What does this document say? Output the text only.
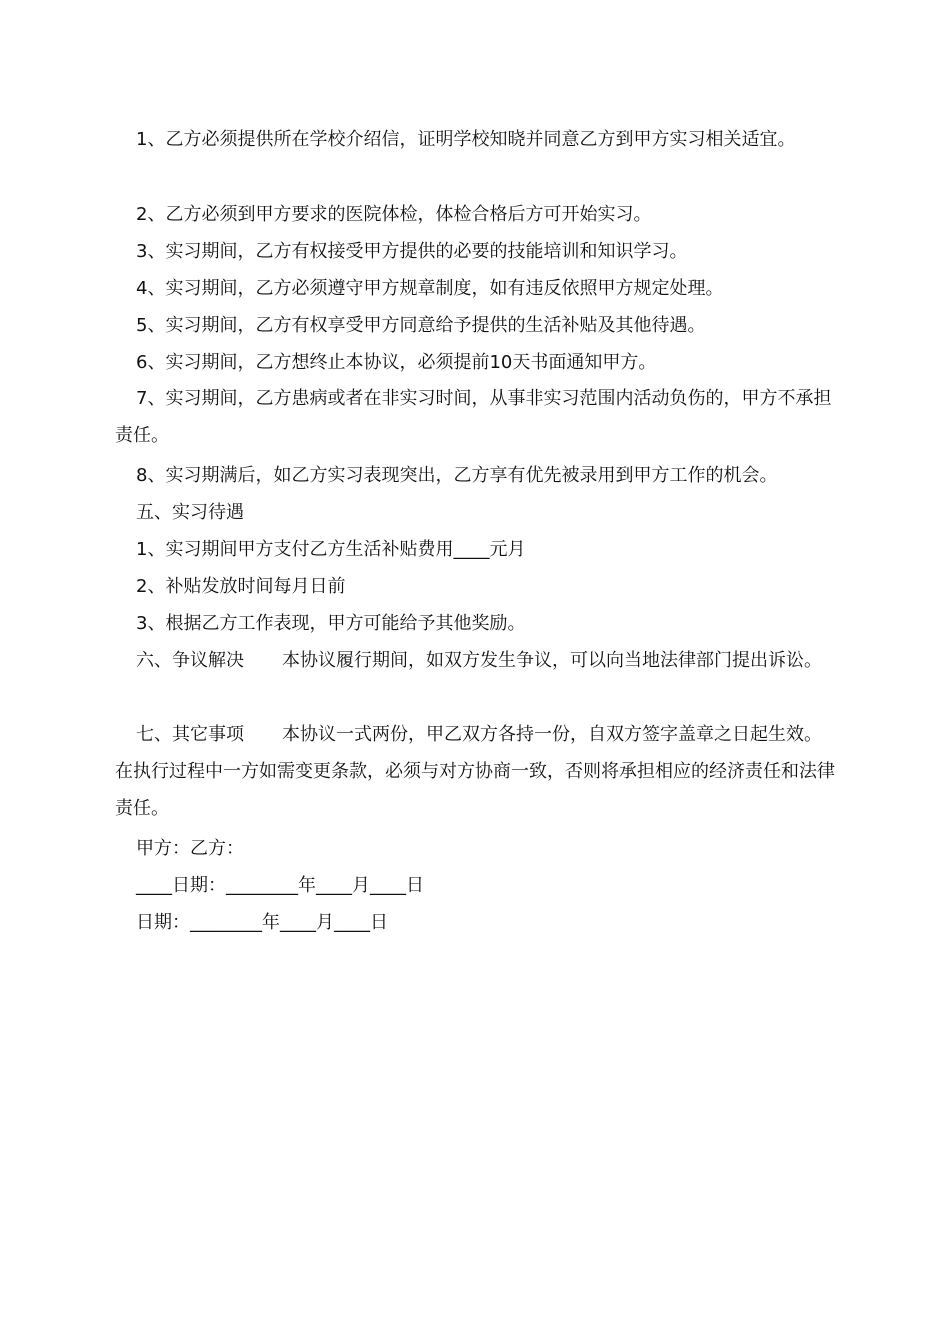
1、乙方必须提供所在学校介绍信，证明学校知晓并同意乙方到甲方实习相关适宜。
2、乙方必须到甲方要求的医院体检，体检合格后方可开始实习。
3、实习期间，乙方有权接受甲方提供的必要的技能培训和知识学习。
4、实习期间，乙方必须遵守甲方规章制度，如有违反依照甲方规定处理。
5、实习期间，乙方有权享受甲方同意给予提供的生活补贴及其他待遇。
6、实习期间，乙方想终止本协议，必须提前10天书面通知甲方。
7、实习期间，乙方患病或者在非实习时间，从事非实习范围内活动负伤的，甲方不承担责任。
8、实习期满后，如乙方实习表现突出，乙方享有优先被录用到甲方工作的机会。
五、实习待遇
1、实习期间甲方支付乙方生活补贴费用____元月
2、补贴发放时间每月日前
3、根据乙方工作表现，甲方可能给予其他奖励。
六、争议解决 本协议履行期间，如双方发生争议，可以向当地法律部门提出诉讼。
七、其它事项 本协议一式两份，甲乙双方各持一份，自双方签字盖章之日起生效。在执行过程中一方如需变更条款，必须与对方协商一致，否则将承担相应的经济责任和法律责任。
甲方：乙方：
____日期：________年____月____日
日期：________年____月____日
